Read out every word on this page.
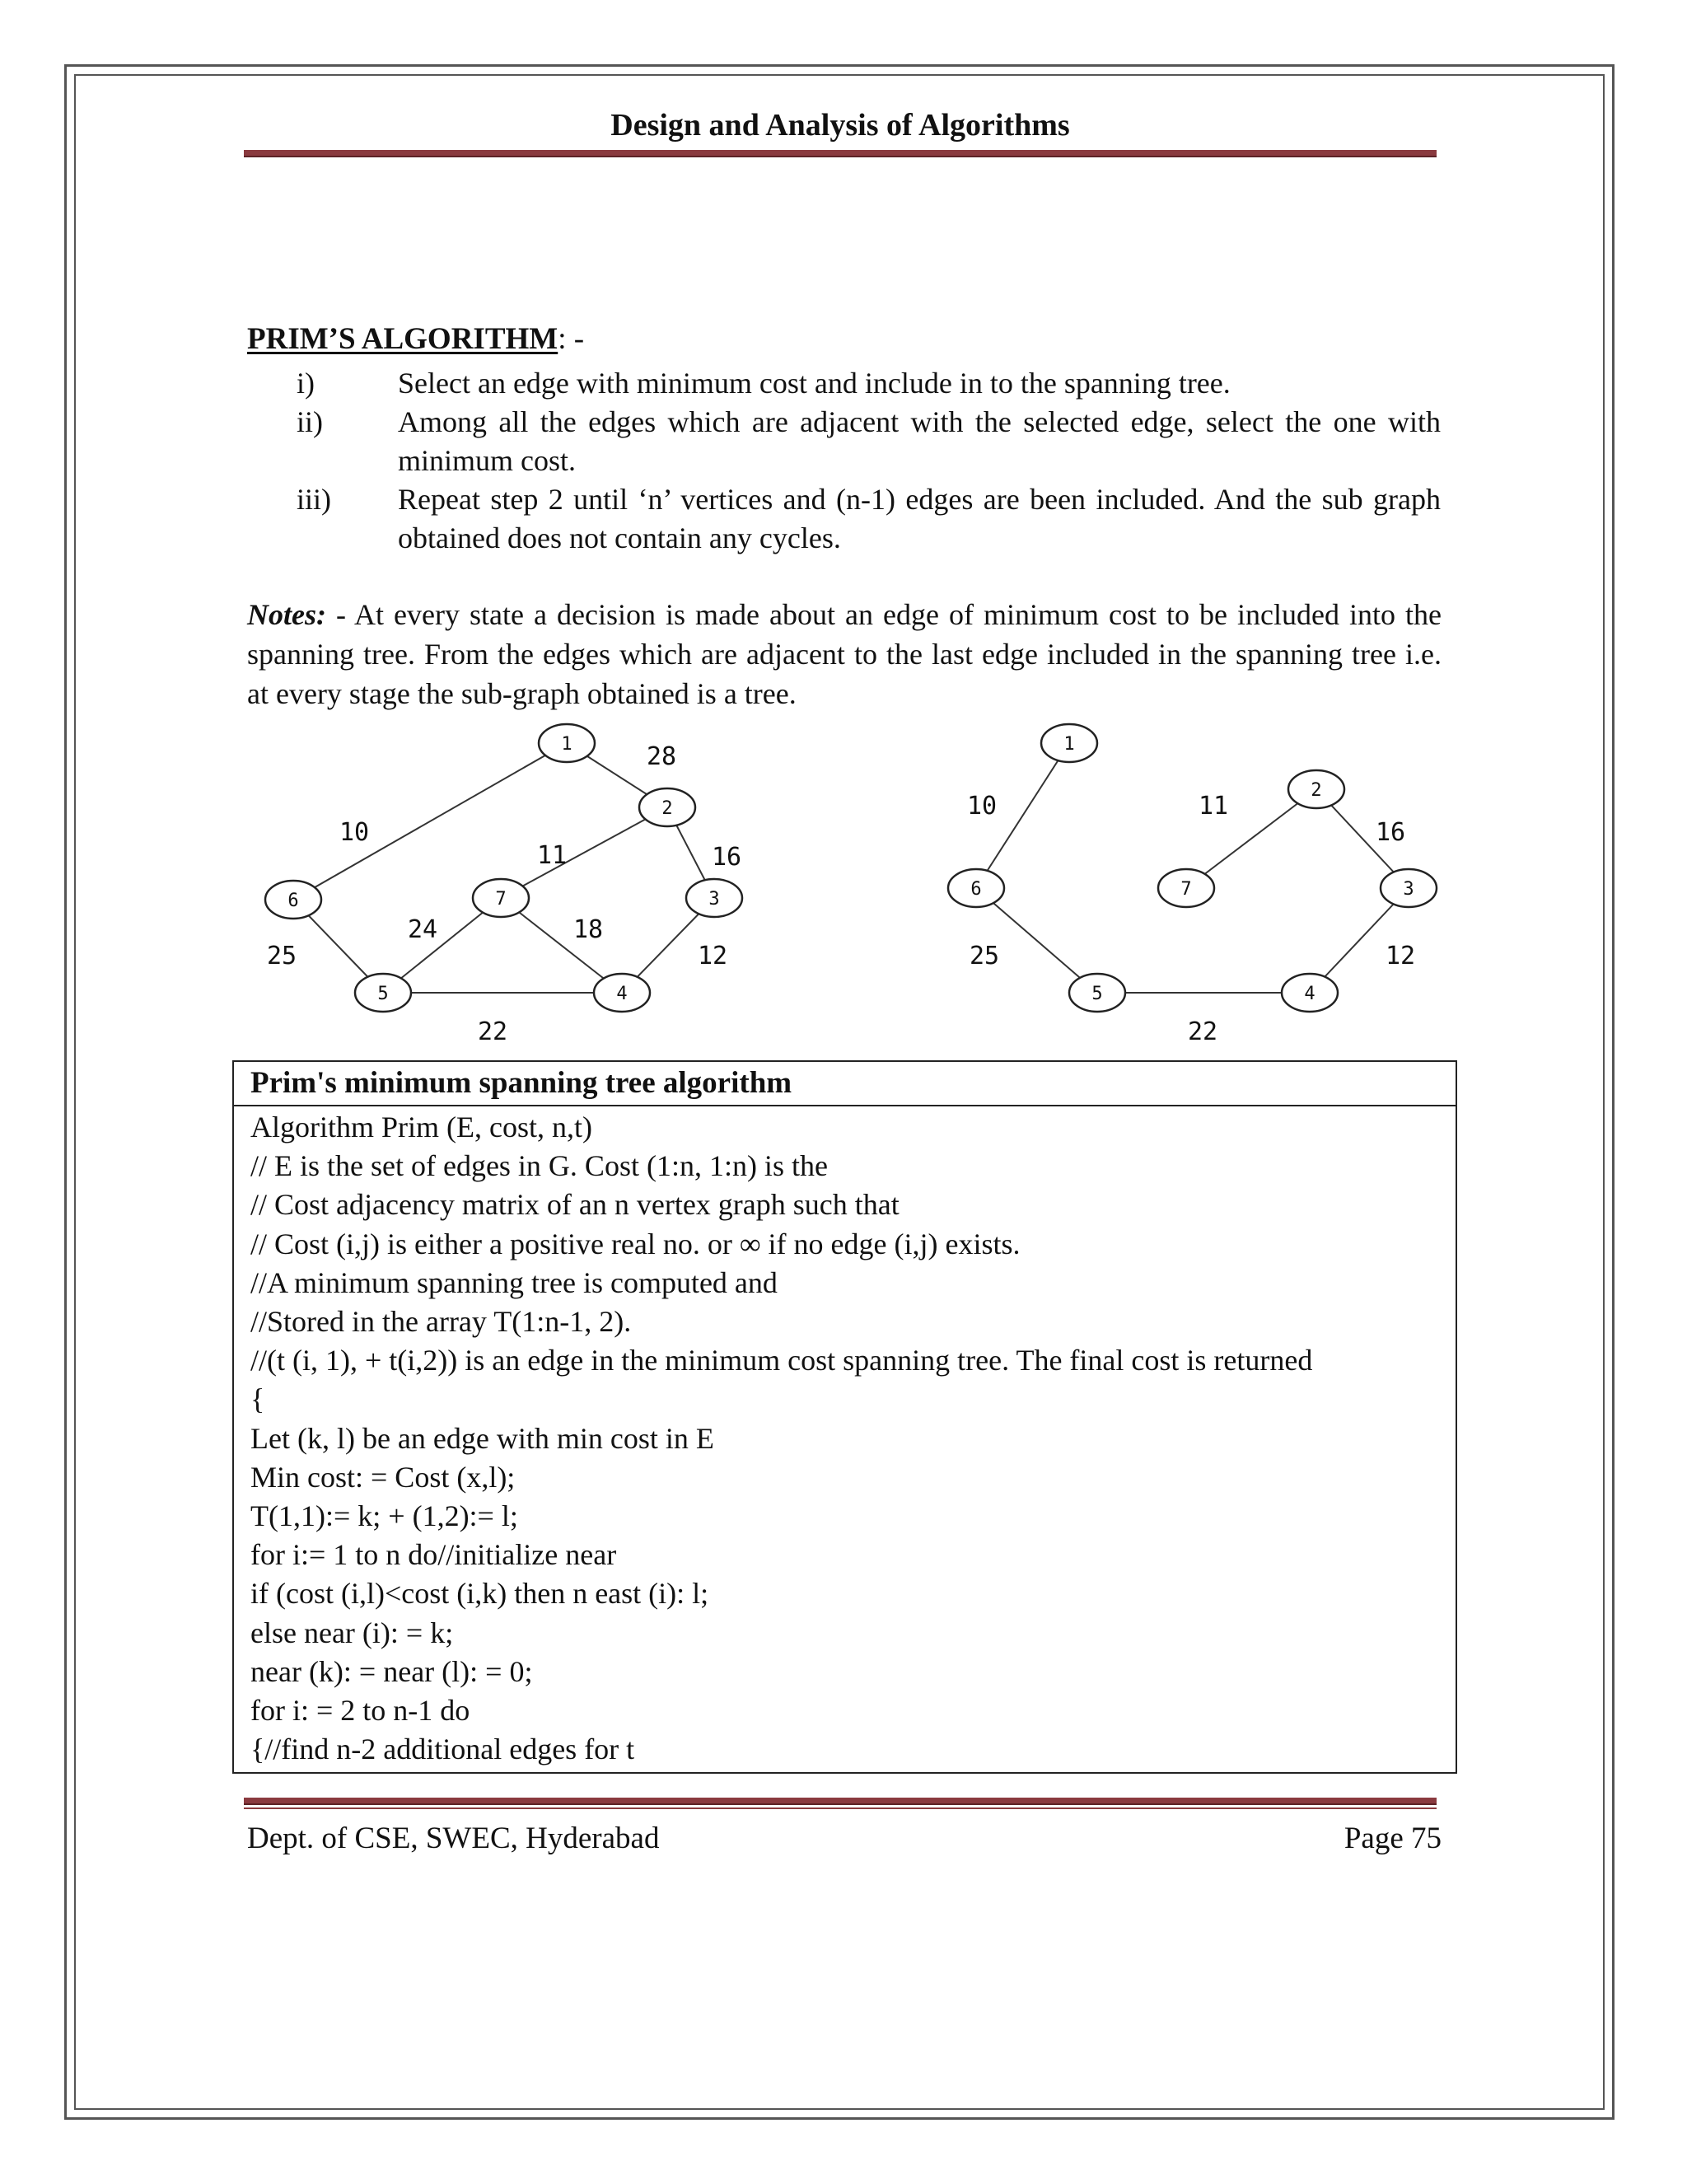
Design and Analysis of Algorithms
PRIM’S ALGORITHM: -
i)	Select an edge with minimum cost and include in to the spanning tree.
ii)	Among all the edges which are adjacent with the selected edge, select the one with minimum cost.
iii)	Repeat step 2 until ‘n’ vertices and (n-1) edges are been included. And the sub graph obtained does not contain any cycles.
Notes: - At every state a decision is made about an edge of minimum cost to be included into the spanning tree. From the edges which are adjacent to the last edge included in the spanning tree i.e. at every stage the sub-graph obtained is a tree.
1
2
3
4
5
6	7
28
10
11	16
24	18
25	12
22
1
2
3
4
5
6	7
10	11
16
25	12
22
Prim's minimum spanning tree algorithm
Algorithm Prim (E, cost, n,t)
// E is the set of edges in G. Cost (1:n, 1:n) is the
// Cost adjacency matrix of an n vertex graph such that
// Cost (i,j) is either a positive real no. or ∞ if no edge (i,j) exists.
//A minimum spanning tree is computed and
//Stored in the array T(1:n-1, 2).
//(t (i, 1), + t(i,2)) is an edge in the minimum cost spanning tree. The final cost is returned
{
Let (k, l) be an edge with min cost in E
Min cost: = Cost (x,l);
T(1,1):= k; + (1,2):= l;
for i:= 1 to n do//initialize near
if (cost (i,l)<cost (i,k) then n east (i): l;
else near (i): = k;
near (k): = near (l): = 0;
for i: = 2 to n-1 do
{//find n-2 additional edges for t
Dept. of CSE, SWEC, Hyderabad	Page 75
